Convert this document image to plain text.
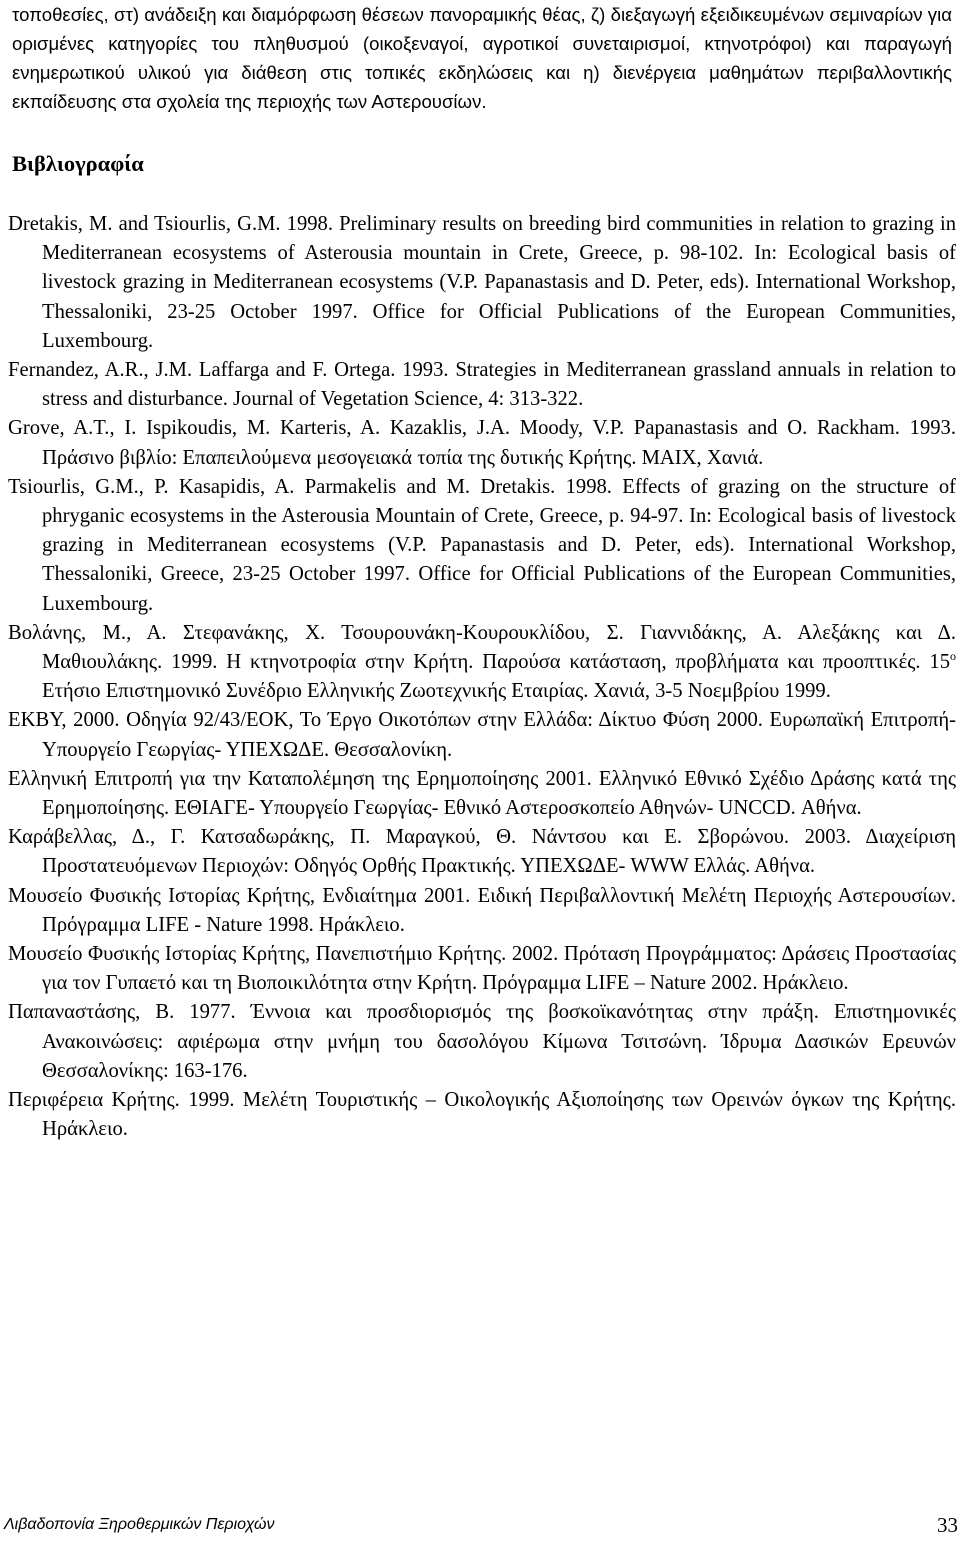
τοποθεσίες, στ) ανάδειξη και διαμόρφωση θέσεων πανοραμικής θέας, ζ) διεξαγωγή εξειδικευμένων σεμιναρίων για ορισμένες κατηγορίες του πληθυσμού (οικοξεναγοί, αγροτικοί συνεταιρισμοί, κτηνοτρόφοι) και παραγωγή ενημερωτικού υλικού για διάθεση στις τοπικές εκδηλώσεις και η) διενέργεια μαθημάτων περιβαλλοντικής εκπαίδευσης στα σχολεία της περιοχής των Αστερουσίων.

Βιβλιογραφία

Dretakis, M. and Tsiourlis, G.M. 1998. Preliminary results on breeding bird communities in relation to grazing in Mediterranean ecosystems of Asterousia mountain in Crete, Greece, p. 98-102. In: Ecological basis of livestock grazing in Mediterranean ecosystems (V.P. Papanastasis and D. Peter, eds). International Workshop, Thessaloniki, 23-25 October 1997. Office for Official Publications of the European Communities, Luxembourg.

Fernandez, A.R., J.M. Laffarga and F. Ortega. 1993. Strategies in Mediterranean grassland annuals in relation to stress and disturbance. Journal of Vegetation Science, 4: 313-322.

Grove, A.T., I. Ispikoudis, M. Karteris, A. Kazaklis, J.A. Moody, V.P. Papanastasis and O. Rackham. 1993. Πράσινο βιβλίο: Επαπειλούμενα μεσογειακά τοπία της δυτικής Κρήτης. ΜΑΙΧ, Χανιά.

Tsiourlis, G.M., P. Kasapidis, A. Parmakelis and M. Dretakis. 1998. Effects of grazing on the structure of phryganic ecosystems in the Asterousia Mountain of Crete, Greece, p. 94-97. In: Ecological basis of livestock grazing in Mediterranean ecosystems (V.P. Papanastasis and D. Peter, eds). International Workshop, Thessaloniki, Greece, 23-25 October 1997. Office for Official Publications of the European Communities, Luxembourg.

Βολάνης, Μ., Α. Στεφανάκης, Χ. Τσουρουνάκη-Κουρουκλίδου, Σ. Γιαννιδάκης, Α. Αλεξάκης και Δ. Μαθιουλάκης. 1999. Η κτηνοτροφία στην Κρήτη. Παρούσα κατάσταση, προβλήματα και προοπτικές. $15^o$ Ετήσιο Επιστημονικό Συνέδριο Ελληνικής Ζωοτεχνικής Εταιρίας. Χανιά, 3-5 Νοεμβρίου 1999.

ΕΚΒΥ, 2000. Οδηγία 92/43/ΕΟΚ, Το Έργο Οικοτόπων στην Ελλάδα: Δίκτυο Φύση 2000. Ευρωπαϊκή Επιτροπή- Υπουργείο Γεωργίας- ΥΠΕΧΩΔΕ. Θεσσαλονίκη.

Ελληνική Επιτροπή για την Καταπολέμηση της Ερημοποίησης 2001. Ελληνικό Εθνικό Σχέδιο Δράσης κατά της Ερημοποίησης. ΕΘΙΑΓΕ- Υπουργείο Γεωργίας- Εθνικό Αστεροσκοπείο Αθηνών- UNCCD. Αθήνα.

Καράβελλας, Δ., Γ. Κατσαδωράκης, Π. Μαραγκού, Θ. Νάντσου και Ε. Σβορώνου. 2003. Διαχείριση Προστατευόμενων Περιοχών: Οδηγός Ορθής Πρακτικής. ΥΠΕΧΩΔΕ- WWW Ελλάς. Αθήνα.

Μουσείο Φυσικής Ιστορίας Κρήτης, Ενδιαίτημα 2001. Ειδική Περιβαλλοντική Μελέτη Περιοχής Αστερουσίων. Πρόγραμμα LIFE - Nature 1998. Ηράκλειο.

Μουσείο Φυσικής Ιστορίας Κρήτης, Πανεπιστήμιο Κρήτης. 2002. Πρόταση Προγράμματος: Δράσεις Προστασίας για τον Γυπαετό και τη Βιοποικιλότητα στην Κρήτη. Πρόγραμμα LIFE – Nature 2002. Ηράκλειο.

Παπαναστάσης, Β. 1977. Έννοια και προσδιορισμός της βοσκοϊκανότητας στην πράξη. Επιστημονικές Ανακοινώσεις: αφιέρωμα στην μνήμη του δασολόγου Κίμωνα Τσιτσώνη. Ίδρυμα Δασικών Ερευνών Θεσσαλονίκης: 163-176.

Περιφέρεια Κρήτης. 1999. Μελέτη Τουριστικής – Οικολογικής Αξιοποίησης των Ορεινών όγκων της Κρήτης. Ηράκλειο.

Λιβαδοπονία Ξηροθερμικών Περιοχών	33
